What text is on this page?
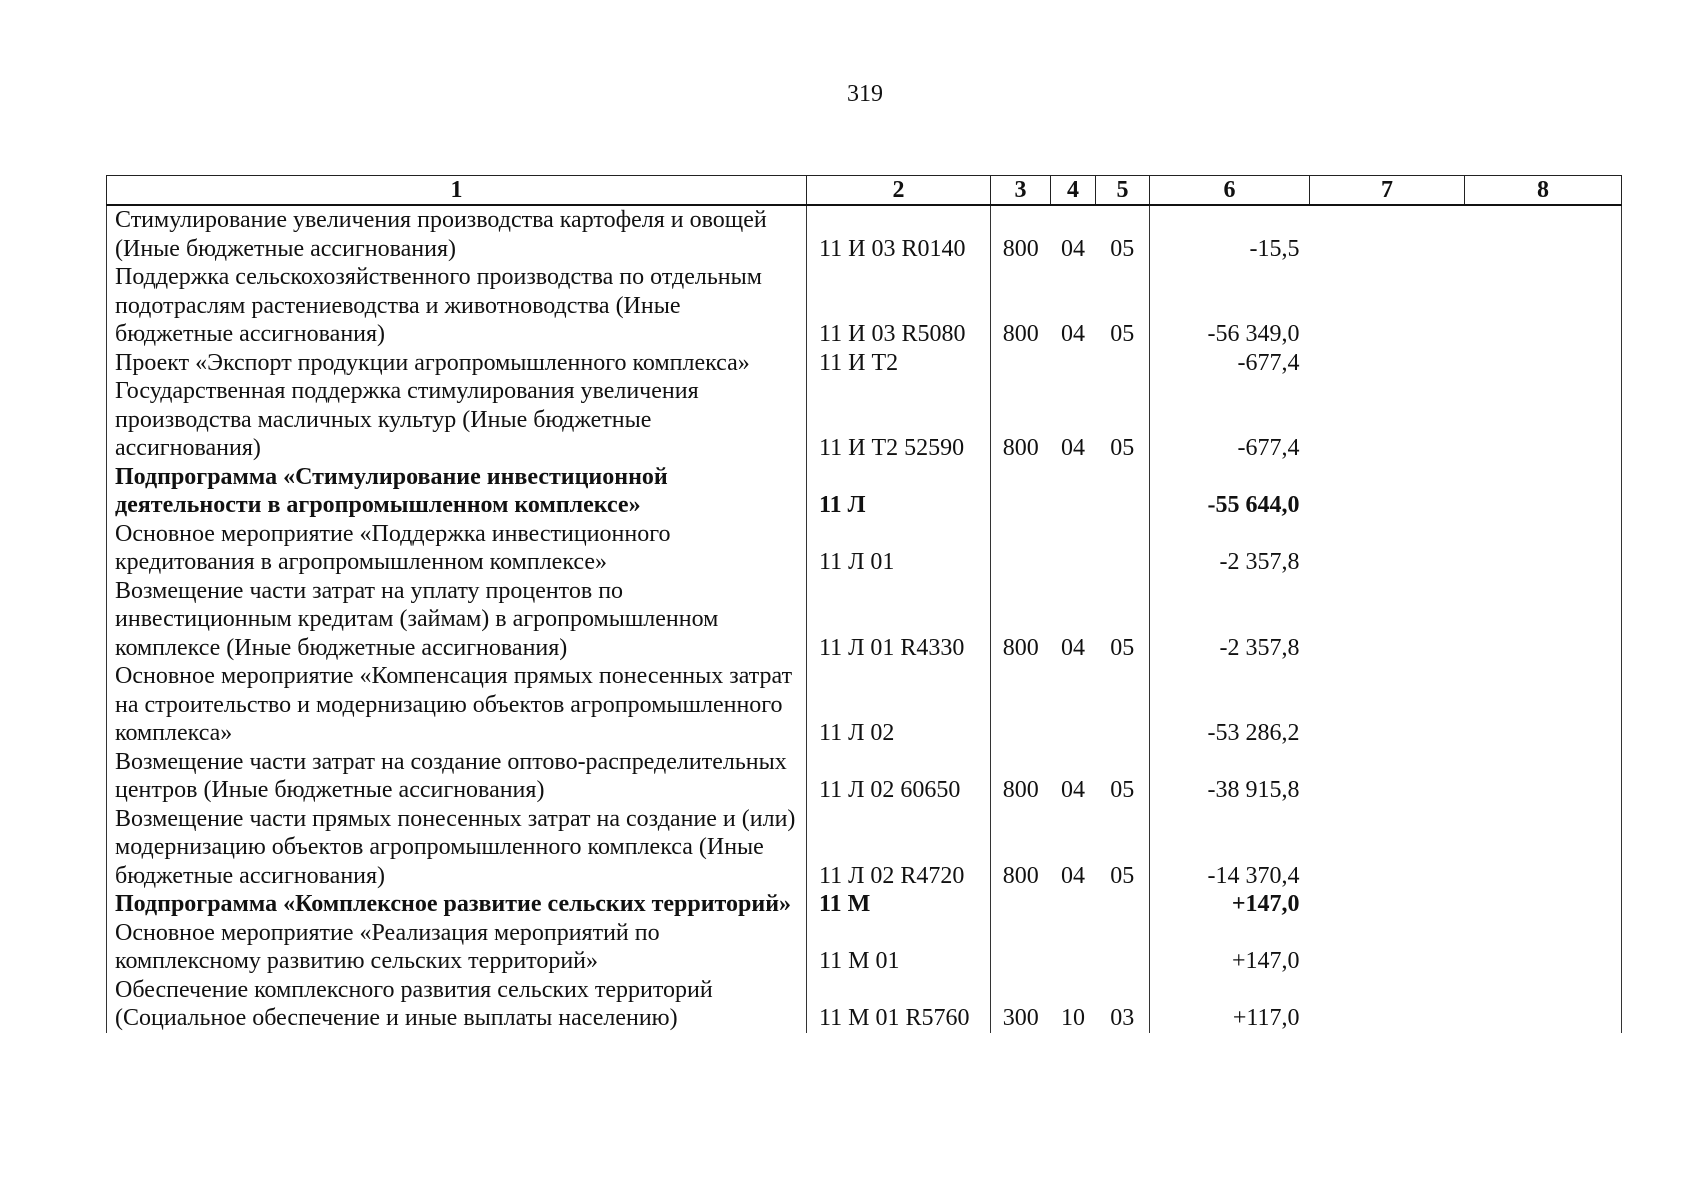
319
1	2	3	4	5	6	7	8
Стимулирование увеличения производства картофеля и овощей (Иные бюджетные ассигнования)	11 И 03 R0140	800	04	05	-15,5		
Поддержка сельскохозяйственного производства по отдельным подотраслям растениеводства и животноводства (Иные бюджетные ассигнования)	11 И 03 R5080	800	04	05	-56 349,0		
Проект «Экспорт продукции агропромышленного комплекса»	11 И Т2				-677,4		
Государственная поддержка стимулирования увеличения производства масличных культур (Иные бюджетные ассигнования)	11 И Т2 52590	800	04	05	-677,4		
Подпрограмма «Стимулирование инвестиционной деятельности в агропромышленном комплексе»	11 Л				-55 644,0		
Основное мероприятие «Поддержка инвестиционного кредитования в агропромышленном комплексе»	11 Л 01				-2 357,8		
Возмещение части затрат на уплату процентов по инвестиционным кредитам (займам) в агропромышленном комплексе (Иные бюджетные ассигнования)	11 Л 01 R4330	800	04	05	-2 357,8		
Основное мероприятие «Компенсация прямых понесенных затрат на строительство и модернизацию объектов агропромышленного комплекса»	11 Л 02				-53 286,2		
Возмещение части затрат на создание оптово-распределительных центров (Иные бюджетные ассигнования)	11 Л 02 60650	800	04	05	-38 915,8		
Возмещение части прямых понесенных затрат на создание и (или) модернизацию объектов агропромышленного комплекса (Иные бюджетные ассигнования)	11 Л 02 R4720	800	04	05	-14 370,4		
Подпрограмма «Комплексное развитие сельских территорий»	11 М				+147,0		
Основное мероприятие «Реализация мероприятий по комплексному развитию сельских территорий»	11 М 01				+147,0		
Обеспечение комплексного развития сельских территорий (Социальное обеспечение и иные выплаты населению)	11 М 01 R5760	300	10	03	+117,0		
